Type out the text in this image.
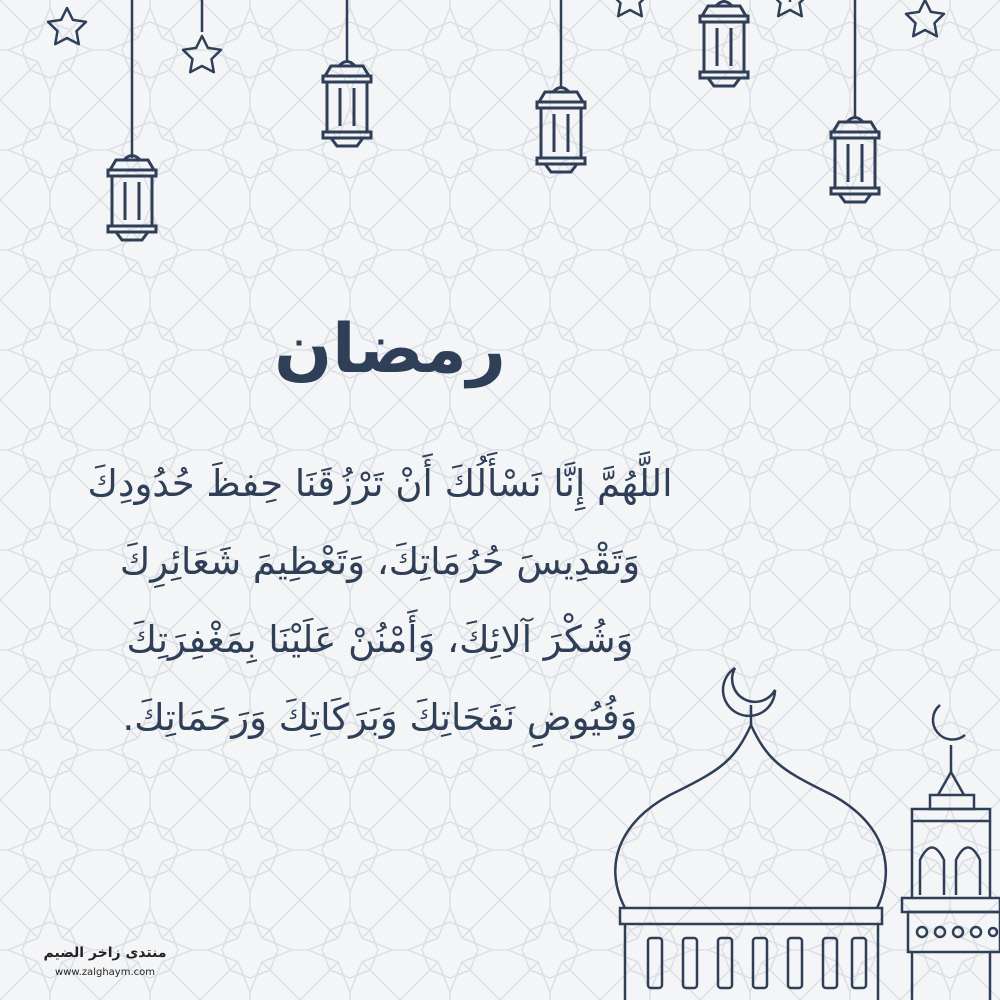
رمضان
اللَّهُمَّ إِنَّا نَسْأَلُكَ أَنْ تَرْزُقَنَا حِفظَ حُدُودِكَ
وَتَقْدِيسَ حُرُمَاتِكَ، وَتَعْظِيمَ شَعَائِرِكَ
وَشُكْرَ آلائِكَ، وَأَمْنُنْ عَلَيْنَا بِمَغْفِرَتِكَ
وَفُيُوضِ نَفَحَاتِكَ وَبَرَكَاتِكَ وَرَحَمَاتِكَ.
منتدى زاخر الضيم
www.zalghaym.com
